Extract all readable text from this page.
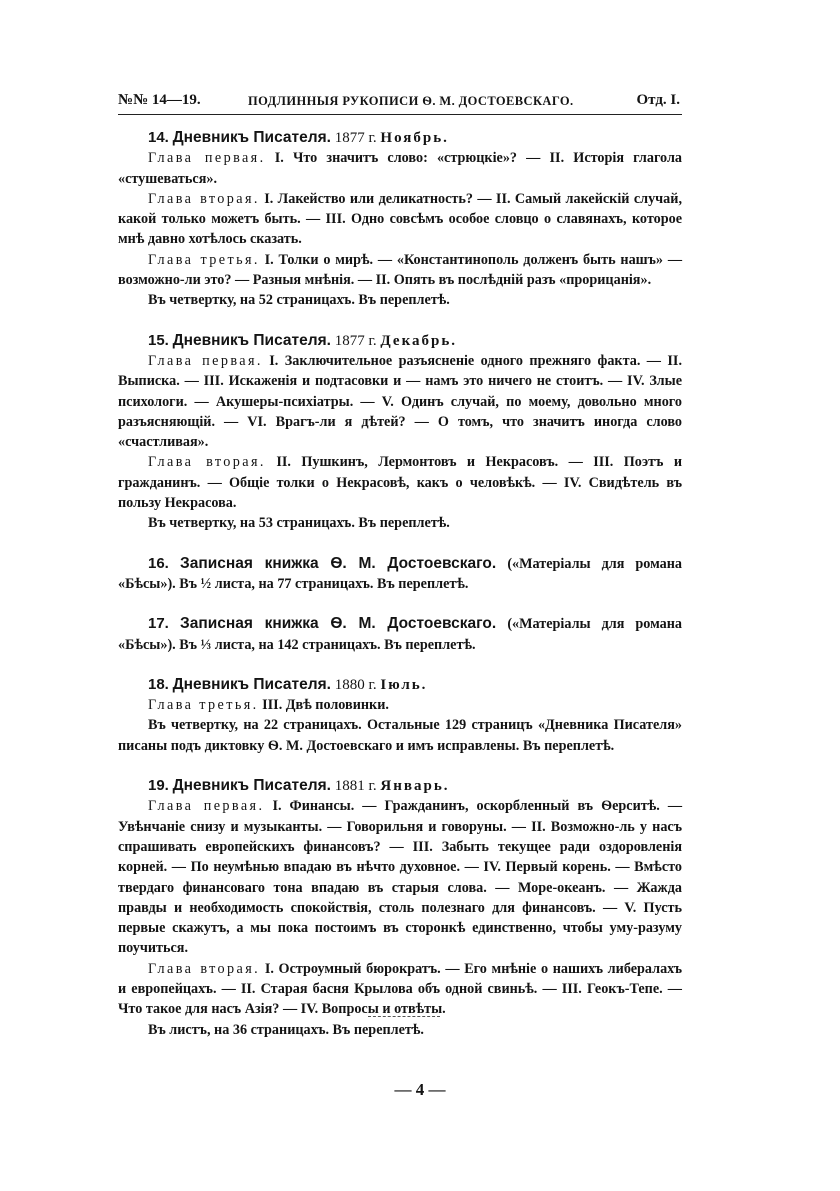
№№ 14—19.	ПОДЛИННЫЯ РУКОПИСИ Ѳ. М. ДОСТОЕВСКАГО.	Отд. I.

14. Дневникъ Писателя. 1877 г. Ноябрь.

Глава первая. I. Что значитъ слово: «стрюцкіе»? — II. Исторія глагола «стушеваться».

Глава вторая. I. Лакейство или деликатность? — II. Самый лакейскій случай, какой только можетъ быть. — III. Одно совсѣмъ особое словцо о славянахъ, которое мнѣ давно хотѣлось сказать.

Глава третья. I. Толки о мирѣ. — «Константинополь долженъ быть нашъ» — возможно-ли это? — Разныя мнѣнія. — II. Опять въ послѣдній разъ «прорицанія».

Въ четвертку, на 52 страницахъ. Въ переплетѣ.

15. Дневникъ Писателя. 1877 г. Декабрь.

Глава первая. I. Заключительное разъясненіе одного прежняго факта. — II. Выписка. — III. Искаженія и подтасовки и — намъ это ничего не стоитъ. — IV. Злые психологи. — Акушеры-психіатры. — V. Одинъ случай, по моему, довольно много разъясняющій. — VI. Врагъ-ли я дѣтей? — О томъ, что значитъ иногда слово «счастливая».

Глава вторая. II. Пушкинъ, Лермонтовъ и Некрасовъ. — III. Поэтъ и гражданинъ. — Общіе толки о Некрасовѣ, какъ о человѣкѣ. — IV. Свидѣтель въ пользу Некрасова.

Въ четвертку, на 53 страницахъ. Въ переплетѣ.

16. Записная книжка Ѳ. М. Достоевскаго. («Матеріалы для романа «Бѣсы»). Въ ½ листа, на 77 страницахъ. Въ переплетѣ.

17. Записная книжка Ѳ. М. Достоевскаго. («Матеріалы для романа «Бѣсы»). Въ ⅓ листа, на 142 страницахъ. Въ переплетѣ.

18. Дневникъ Писателя. 1880 г. Іюль.

Глава третья. III. Двѣ половинки.

Въ четвертку, на 22 страницахъ. Остальные 129 страницъ «Дневника Писателя» писаны подъ диктовку Ѳ. М. Достоевскаго и имъ исправлены. Въ переплетѣ.

19. Дневникъ Писателя. 1881 г. Январь.

Глава первая. I. Финансы. — Гражданинъ, оскорбленный въ Ѳерситѣ. — Увѣнчаніе снизу и музыканты. — Говорильня и говоруны. — II. Возможно-ль у насъ спрашивать европейскихъ финансовъ? — III. Забыть текущее ради оздоровленія корней. — По неумѣнью впадаю въ нѣчто духовное. — IV. Первый корень. — Вмѣсто твердаго финансоваго тона впадаю въ старыя слова. — Море-океанъ. — Жажда правды и необходимость спокойствія, столь полезнаго для финансовъ. — V. Пусть первые скажутъ, а мы пока постоимъ въ сторонкѣ единственно, чтобы уму-разуму поучиться.

Глава вторая. I. Остроумный бюрократъ. — Его мнѣніе о нашихъ либералахъ и европейцахъ. — II. Старая басня Крылова объ одной свиньѣ. — III. Геокъ-Тепе. — Что такое для насъ Азія? — IV. Вопросы и отвѣты.

Въ листъ, на 36 страницахъ. Въ переплетѣ.

— 4 —
